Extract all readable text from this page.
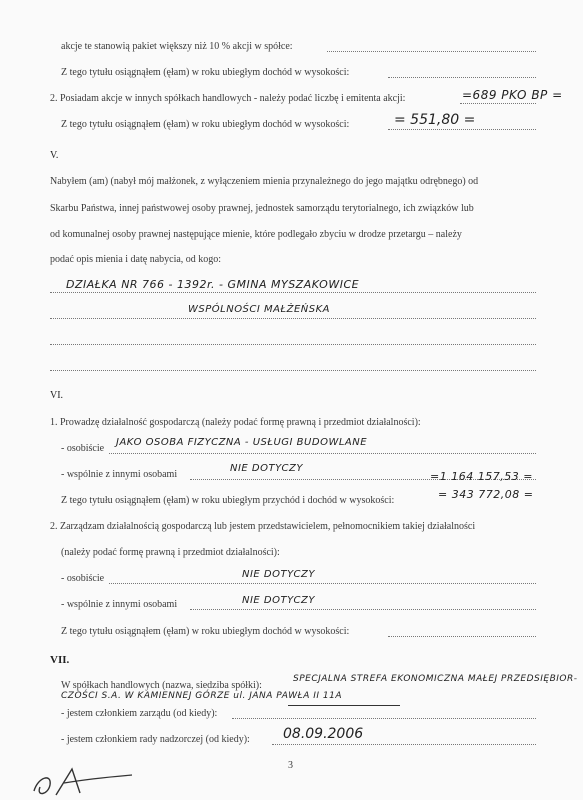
akcje te stanowią pakiet większy niż 10 % akcji w spółce:
Z tego tytułu osiągnąłem (ęłam) w roku ubiegłym dochód w wysokości:
2. Posiadam akcje w innych spółkach handlowych - należy podać liczbę i emitenta akcji:	=689 PKO BP =
Z tego tytułu osiągnąłem (ęłam) w roku ubiegłym dochód w wysokości:	= 551,80 =
V.
Nabyłem (am) (nabył mój małżonek, z wyłączeniem mienia przynależnego do jego majątku odrębnego) od
Skarbu Państwa, innej państwowej osoby prawnej, jednostek samorządu terytorialnego, ich związków lub
od komunalnej osoby prawnej następujące mienie, które podlegało zbyciu w drodze przetargu – należy
podać opis mienia i datę nabycia, od kogo:
DZIAŁKA NR 766 - 1392r. - GMINA MYSZAKOWICE
WSPÓLNOŚCI MAŁŻEŃSKA
VI.
1. Prowadzę działalność gospodarczą (należy podać formę prawną i przedmiot działalności):
- osobiście
JAKO OSOBA FIZYCZNA - USŁUGI BUDOWLANE
- wspólnie z innymi osobami
NIE DOTYCZY
Z tego tytułu osiągnąłem (ęłam) w roku ubiegłym przychód i dochód w wysokości:
=1 164 157,53 =
= 343 772,08 =
2. Zarządzam działalnością gospodarczą lub jestem przedstawicielem, pełnomocnikiem takiej działalności
(należy podać formę prawną i przedmiot działalności):
- osobiście	NIE DOTYCZY
- wspólnie z innymi osobami	NIE DOTYCZY
Z tego tytułu osiągnąłem (ęłam) w roku ubiegłym dochód w wysokości:
VII.
W spółkach handlowych (nazwa, siedziba spółki):
SPECJALNA STREFA EKONOMICZNA MAŁEJ PRZEDSIĘBIOR-
CZOŚCI S.A. W KAMIENNEJ GÓRZE ul. JANA PAWŁA II 11A
- jestem członkiem zarządu (od kiedy):
- jestem członkiem rady nadzorczej (od kiedy): 08.09.2006
3
